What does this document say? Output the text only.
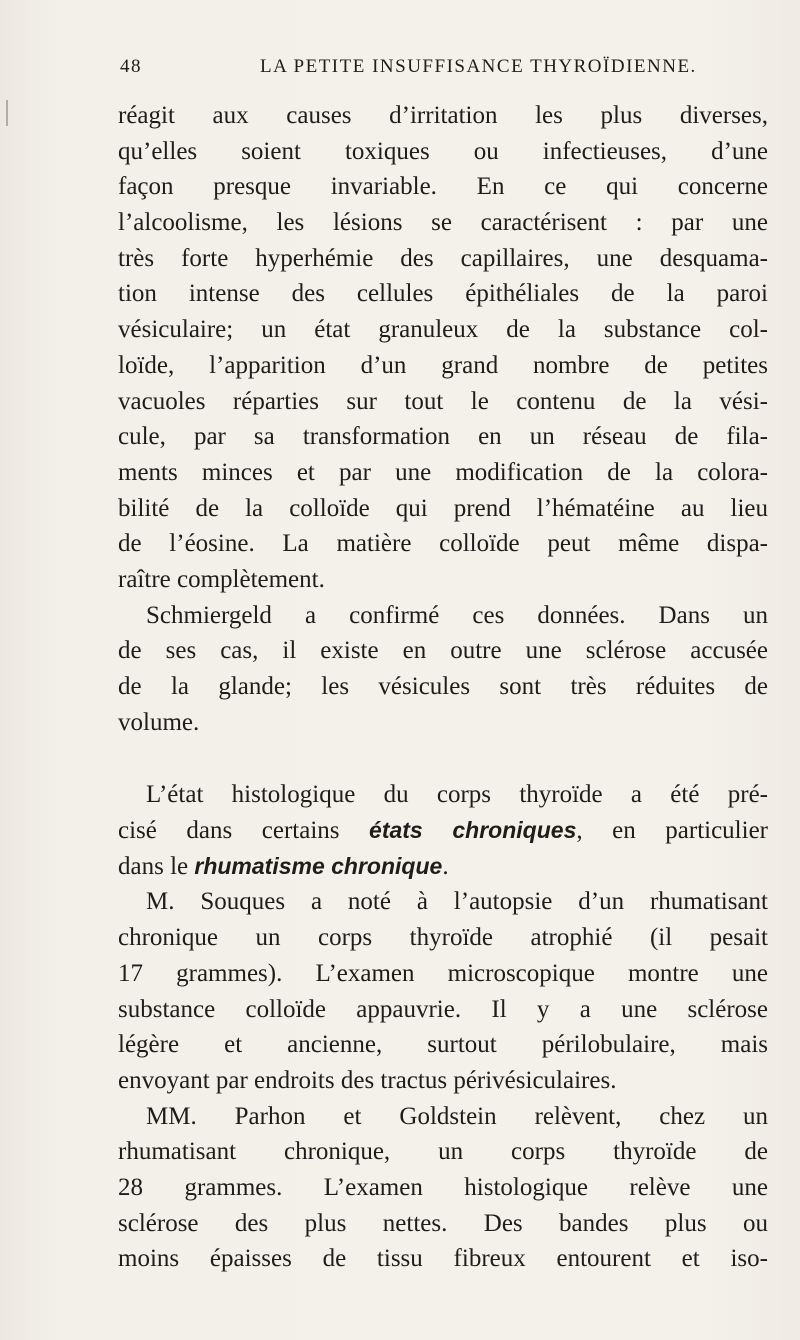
48	LA PETITE INSUFFISANCE THYROÏDIENNE.
réagit aux causes d’irritation les plus diverses,
qu’elles soient toxiques ou infectieuses, d’une
façon presque invariable. En ce qui concerne
l’alcoolisme, les lésions se caractérisent : par une
très forte hyperhémie des capillaires, une desquama-
tion intense des cellules épithéliales de la paroi
vésiculaire; un état granuleux de la substance col-
loïde, l’apparition d’un grand nombre de petites
vacuoles réparties sur tout le contenu de la vési-
cule, par sa transformation en un réseau de fila-
ments minces et par une modification de la colora-
bilité de la colloïde qui prend l’hématéine au lieu
de l’éosine. La matière colloïde peut même dispa-
raître complètement.
Schmiergeld a confirmé ces données. Dans un
de ses cas, il existe en outre une sclérose accusée
de la glande; les vésicules sont très réduites de
volume.
L’état histologique du corps thyroïde a été pré-
cisé dans certains états chroniques, en particulier
dans le rhumatisme chronique.
M. Souques a noté à l’autopsie d’un rhumatisant
chronique un corps thyroïde atrophié (il pesait
17 grammes). L’examen microscopique montre une
substance colloïde appauvrie. Il y a une sclérose
légère et ancienne, surtout périlobulaire, mais
envoyant par endroits des tractus périvésiculaires.
MM. Parhon et Goldstein relèvent, chez un
rhumatisant chronique, un corps thyroïde de
28 grammes. L’examen histologique relève une
sclérose des plus nettes. Des bandes plus ou
moins épaisses de tissu fibreux entourent et iso-
